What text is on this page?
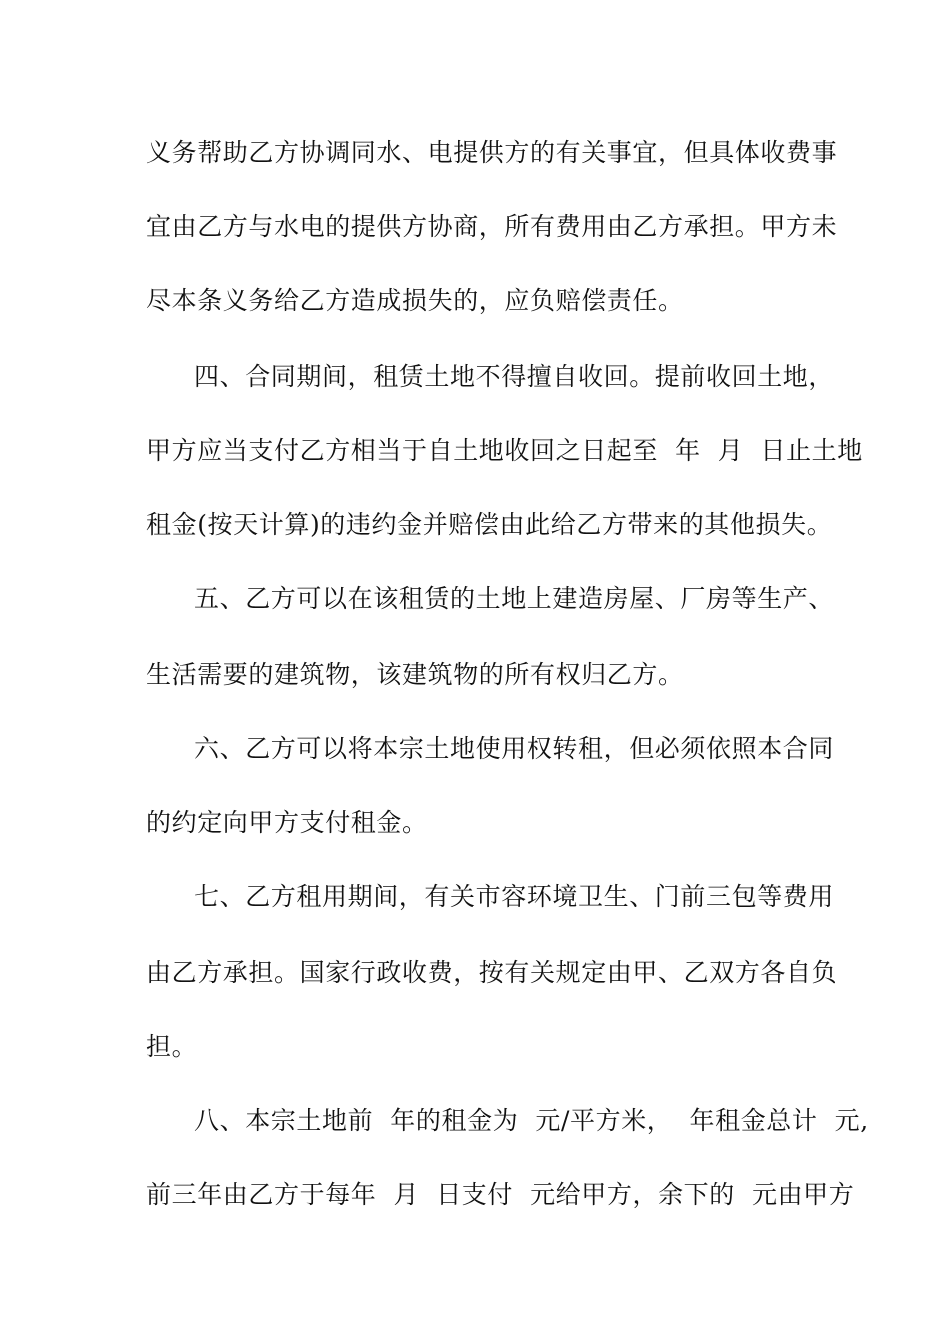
义务帮助乙方协调同水、电提供方的有关事宜，但具体收费事
宜由乙方与水电的提供方协商，所有费用由乙方承担。甲方未
尽本条义务给乙方造成损失的，应负赔偿责任。
四、合同期间，租赁土地不得擅自收回。提前收回土地，
甲方应当支付乙方相当于自土地收回之日起至  年  月  日止土地
租金(按天计算)的违约金并赔偿由此给乙方带来的其他损失。
五、乙方可以在该租赁的土地上建造房屋、厂房等生产、
生活需要的建筑物，该建筑物的所有权归乙方。
六、乙方可以将本宗土地使用权转租，但必须依照本合同
的约定向甲方支付租金。
七、乙方租用期间，有关市容环境卫生、门前三包等费用
由乙方承担。国家行政收费，按有关规定由甲、乙双方各自负
担。
八、本宗土地前  年的租金为  元/平方米，  年租金总计  元,
前三年由乙方于每年  月  日支付  元给甲方，余下的  元由甲方
